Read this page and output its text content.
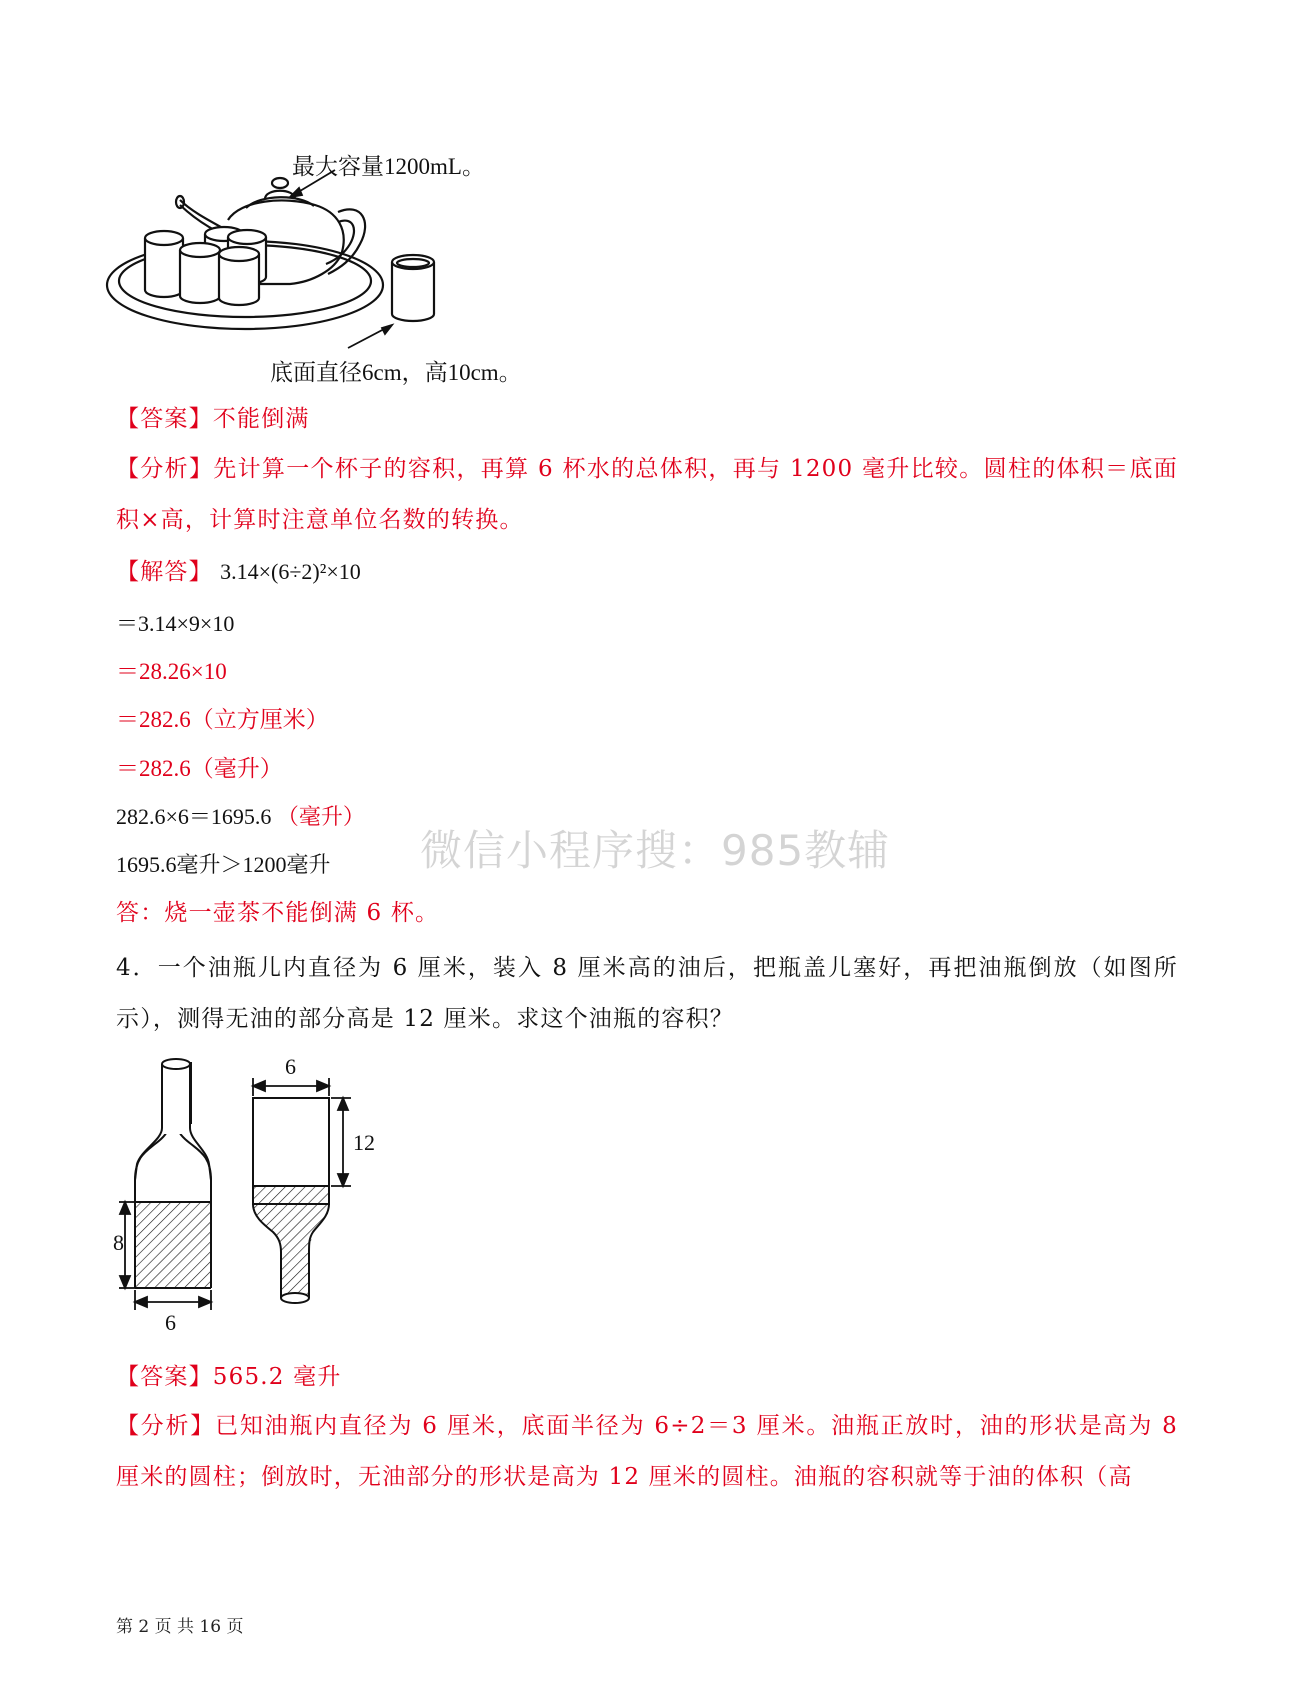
最大容量1200mL。
底面直径6cm，高10cm。
【答案】不能倒满
【分析】先计算一个杯子的容积，再算 6 杯水的总体积，再与 1200 毫升比较。圆柱的体积＝底面积×高，计算时注意单位名数的转换。
【解答】 3.14×(6÷2)²×10
＝3.14×9×10
＝28.26×10
＝282.6（立方厘米）
＝282.6（毫升）
282.6×6＝1695.6 （毫升）
1695.6毫升＞1200毫升
答：烧一壶茶不能倒满 6 杯。
微信小程序搜：985教辅
4．一个油瓶儿内直径为 6 厘米，装入 8 厘米高的油后，把瓶盖儿塞好，再把油瓶倒放（如图所示），测得无油的部分高是 12 厘米。求这个油瓶的容积？
8
6
6
12
【答案】565.2 毫升
【分析】已知油瓶内直径为 6 厘米，底面半径为 6÷2＝3 厘米。油瓶正放时，油的形状是高为 8 厘米的圆柱；倒放时，无油部分的形状是高为 12 厘米的圆柱。油瓶的容积就等于油的体积（高
第 2 页 共 16 页
